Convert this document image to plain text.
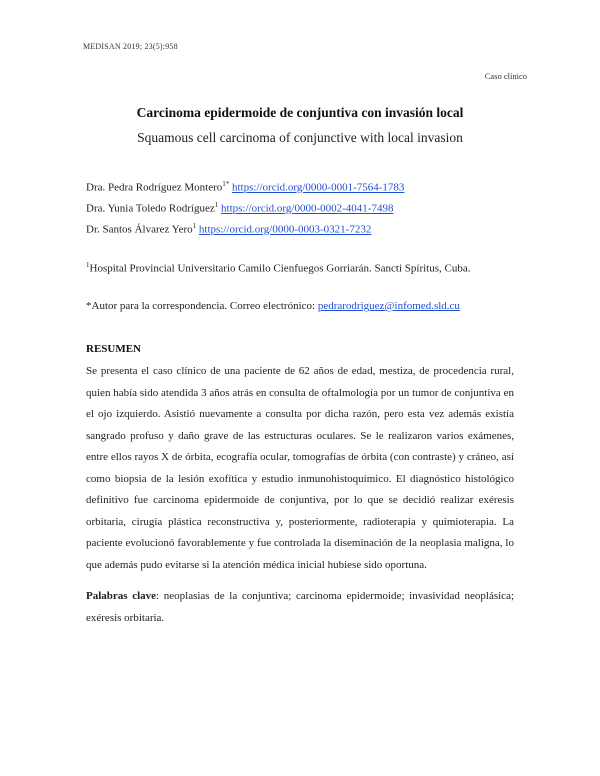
MEDISAN 2019; 23(5):958
Caso clínico
Carcinoma epidermoide de conjuntiva con invasión local
Squamous cell carcinoma of conjunctive with local invasion
Dra. Pedra Rodríguez Montero$^{1*}$ https://orcid.org/0000-0001-7564-1783
Dra. Yunia Toledo Rodríguez$^1$ https://orcid.org/0000-0002-4041-7498
Dr. Santos Álvarez Yero$^1$ https://orcid.org/0000-0003-0321-7232
$^1$Hospital Provincial Universitario Camilo Cienfuegos Gorriarán. Sancti Spíritus, Cuba.
*Autor para la correspondencia. Correo electrónico: pedrarodriguez@infomed.sld.cu
RESUMEN

Se presenta el caso clínico de una paciente de 62 años de edad, mestiza, de procedencia rural, quien había sido atendida 3 años atrás en consulta de oftalmología por un tumor de conjuntiva en el ojo izquierdo. Asistió nuevamente a consulta por dicha razón, pero esta vez además existía sangrado profuso y daño grave de las estructuras oculares. Se le realizaron varios exámenes, entre ellos rayos X de órbita, ecografía ocular, tomografías de órbita (con contraste) y cráneo, así como biopsia de la lesión exofítica y estudio inmunohistoquímico. El diagnóstico histológico definitivo fue carcinoma epidermoide de conjuntiva, por lo que se decidió realizar exéresis orbitaria, cirugía plástica reconstructiva y, posteriormente, radioterapia y quimioterapia. La paciente evolucionó favorablemente y fue controlada la diseminación de la neoplasia maligna, lo que además pudo evitarse si la atención médica inicial hubiese sido oportuna.

Palabras clave: neoplasias de la conjuntiva; carcinoma epidermoide; invasividad neoplásica; exéresis orbitaria.
